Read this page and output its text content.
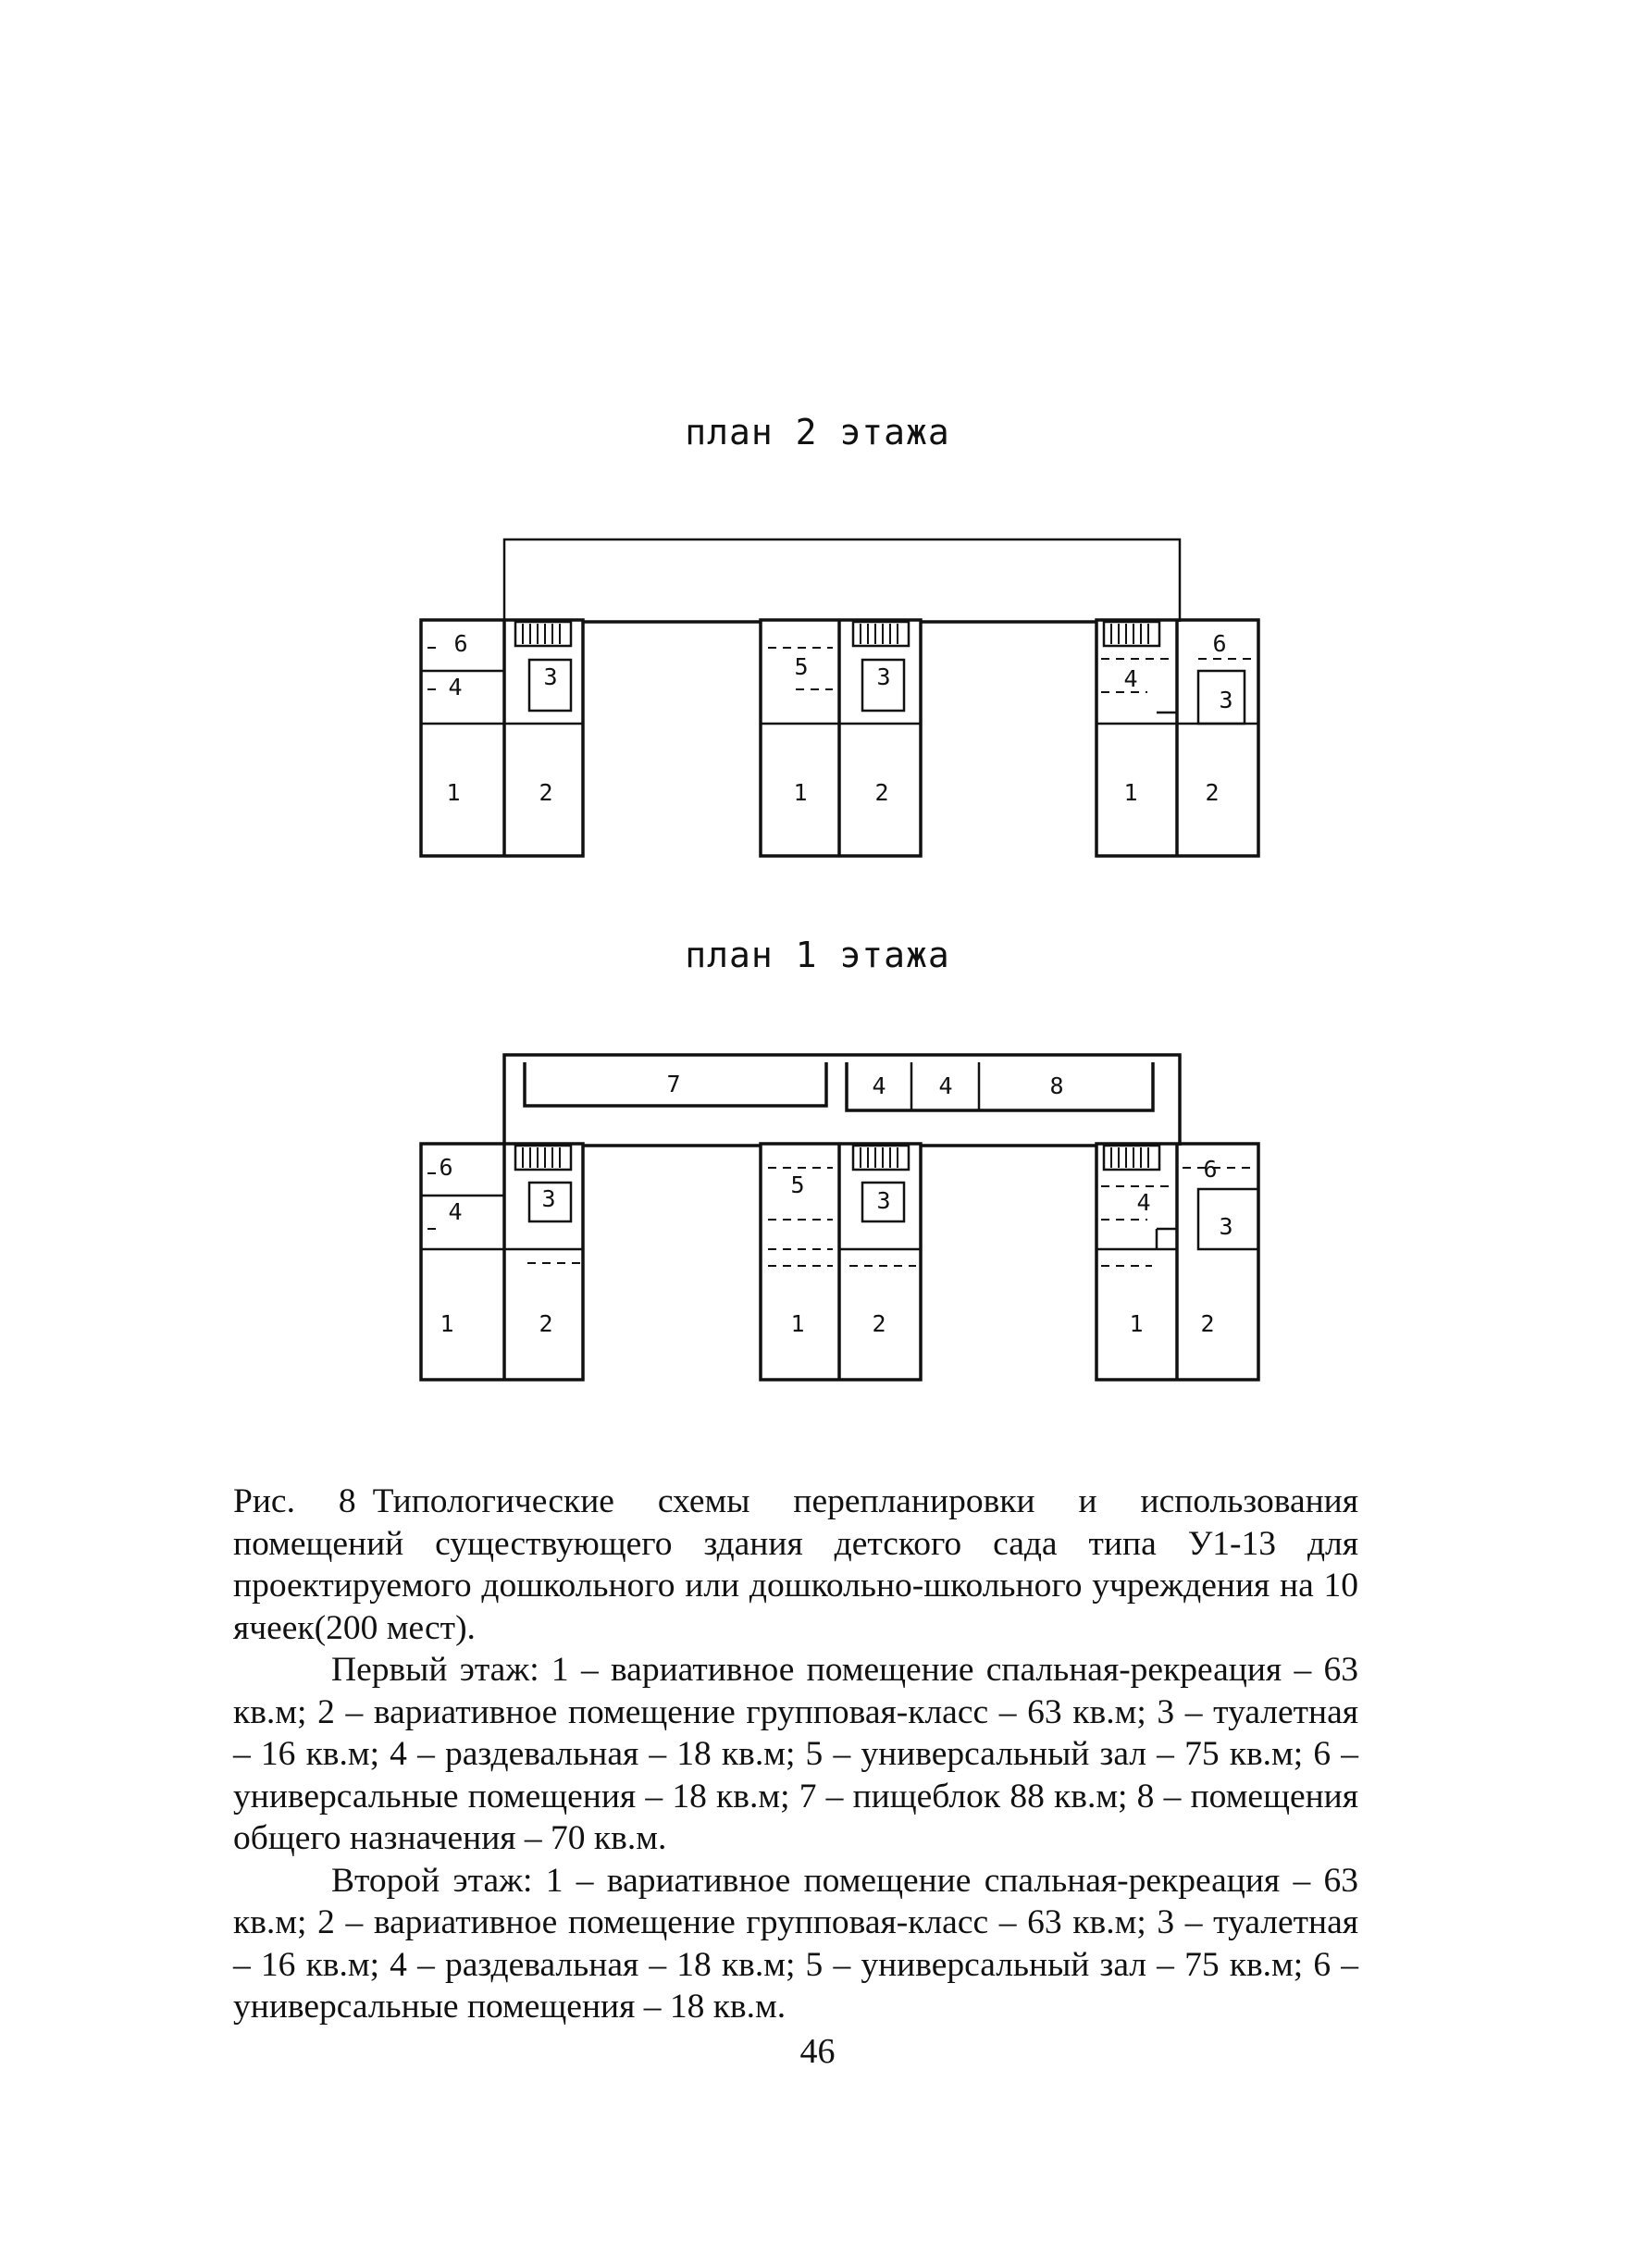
план 2 этажа
6
4	3
1	2
5	3
1	2
6
4
3
1	2
план 1 этажа
7	4 4	8
6
4	3
1	2
5
3
1	2
6
4
3
1 2

Рис. 8 Типологические схемы перепланировки и использования помещений существующего здания детского сада типа У1-13 для проектируемого дошкольного или дошкольно-школьного учреждения на 10 ячеек(200 мест).

Первый этаж: 1 – вариативное помещение спальная-рекреация – 63 кв.м; 2 – вариативное помещение групповая-класс – 63 кв.м; 3 – туалетная – 16 кв.м; 4 – раздевальная – 18 кв.м; 5 – универсальный зал – 75 кв.м; 6 – универсальные помещения – 18 кв.м; 7 – пищеблок 88 кв.м; 8 – помещения общего назначения – 70 кв.м.

Второй этаж: 1 – вариативное помещение спальная-рекреация – 63 кв.м; 2 – вариативное помещение групповая-класс – 63 кв.м; 3 – туалетная – 16 кв.м; 4 – раздевальная – 18 кв.м; 5 – универсальный зал – 75 кв.м; 6 – универсальные помещения – 18 кв.м.

46
